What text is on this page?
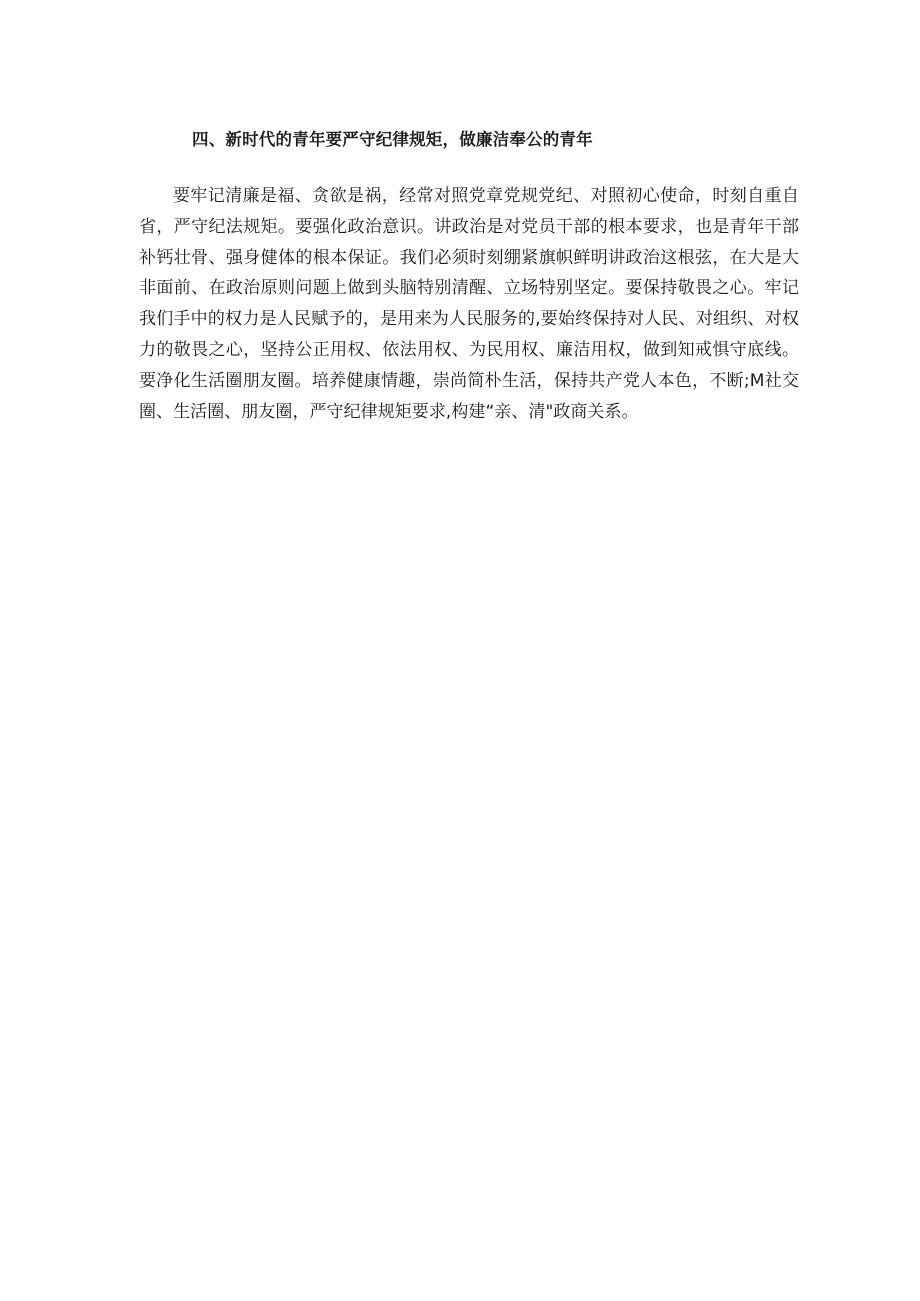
四、新时代的青年要严守纪律规矩，做廉洁奉公的青年

要牢记清廉是福、贪欲是祸，经常对照党章党规党纪、对照初心使命，时刻自重自省，严守纪法规矩。要强化政治意识。讲政治是对党员干部的根本要求，也是青年干部补钙壮骨、强身健体的根本保证。我们必须时刻绷紧旗帜鲜明讲政治这根弦，在大是大非面前、在政治原则问题上做到头脑特别清醒、立场特别坚定。要保持敬畏之心。牢记我们手中的权力是人民赋予的，是用来为人民服务的,要始终保持对人民、对组织、对权力的敬畏之心，坚持公正用权、依法用权、为民用权、廉洁用权，做到知戒惧守底线。要净化生活圈朋友圈。培养健康情趣，崇尚简朴生活，保持共产党人本色，不断;M社交圈、生活圈、朋友圈，严守纪律规矩要求,构建“亲、清"政商关系。
